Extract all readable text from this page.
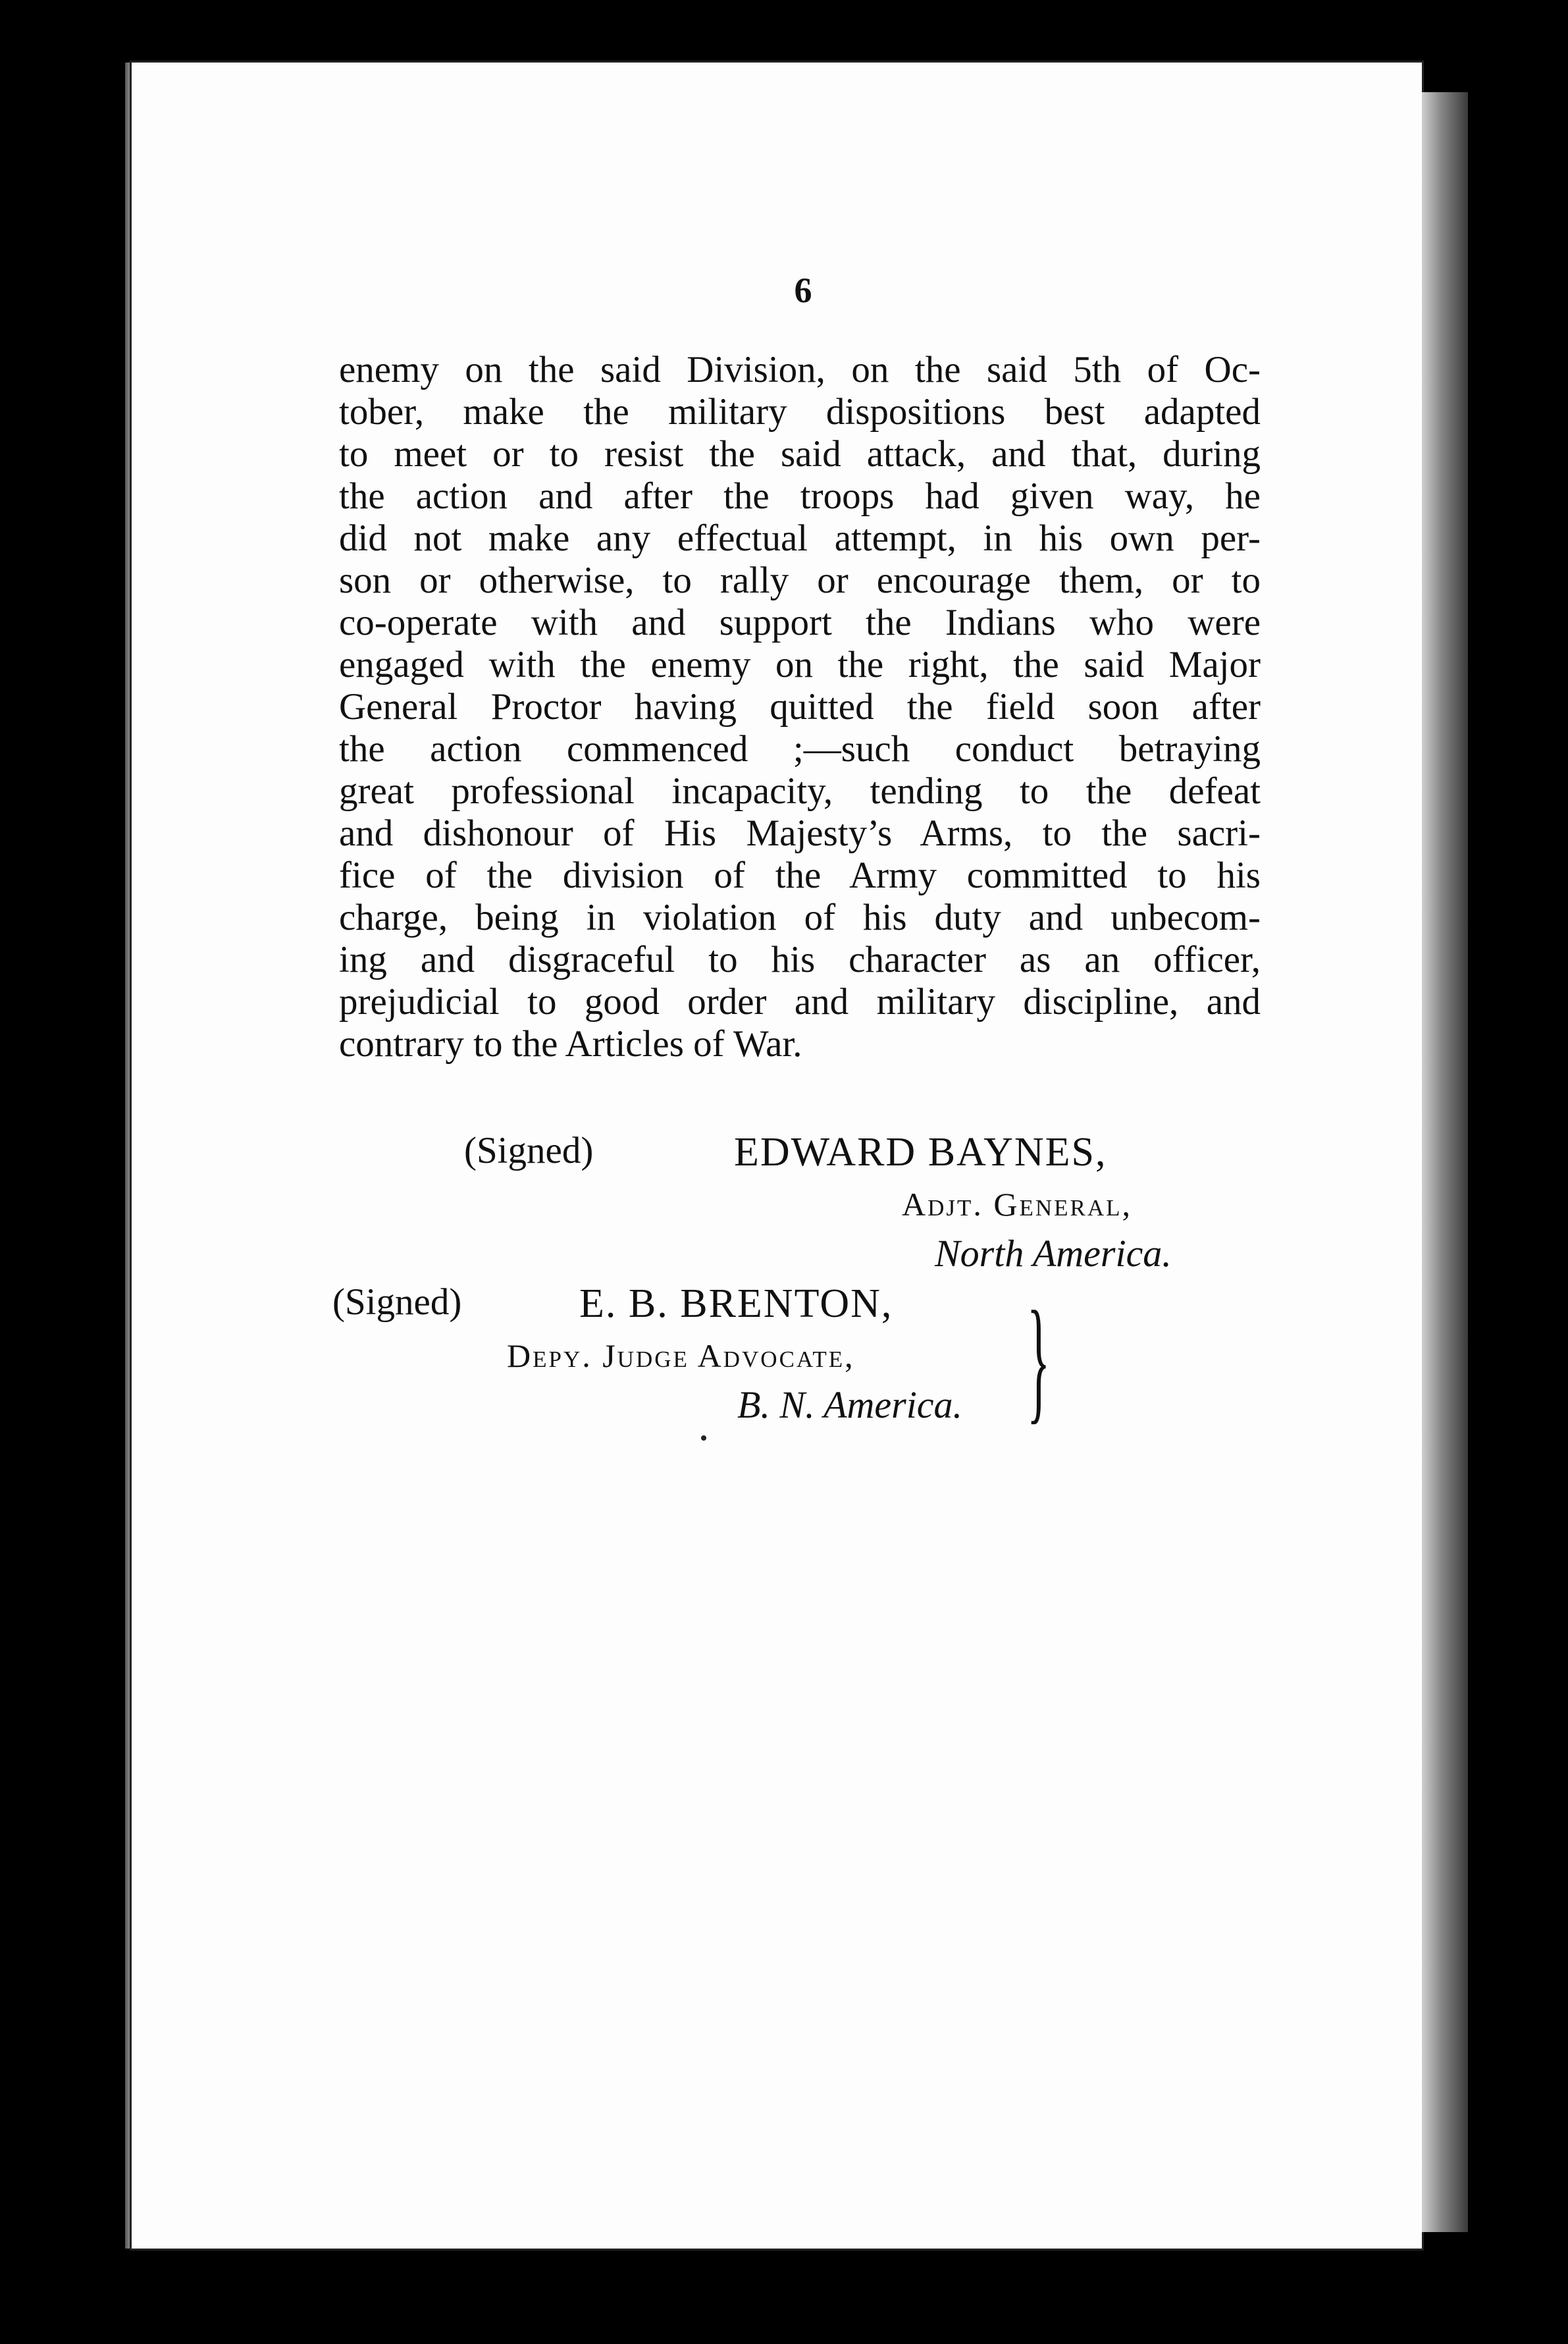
6
enemy on the said Division, on the said 5th of Oc-
tober, make the military dispositions best adapted
to meet or to resist the said attack, and that, during
the action and after the troops had given way, he
did not make any effectual attempt, in his own per-
son or otherwise, to rally or encourage them, or to
co-operate with and support the Indians who were
engaged with the enemy on the right, the said Major
General Proctor having quitted the field soon after
the action commenced ;—such conduct betraying
great professional incapacity, tending to the defeat
and dishonour of His Majesty’s Arms, to the sacri-
fice of the division of the Army committed to his
charge, being in violation of his duty and unbecom-
ing and disgraceful to his character as an officer,
prejudicial to good order and military discipline, and
contrary to the Articles of War.
(Signed)	EDWARD BAYNES,
Adjt. General,
North America.
(Signed)	E. B. BRENTON,
Depy. Judge Advocate,
B. N. America. }
